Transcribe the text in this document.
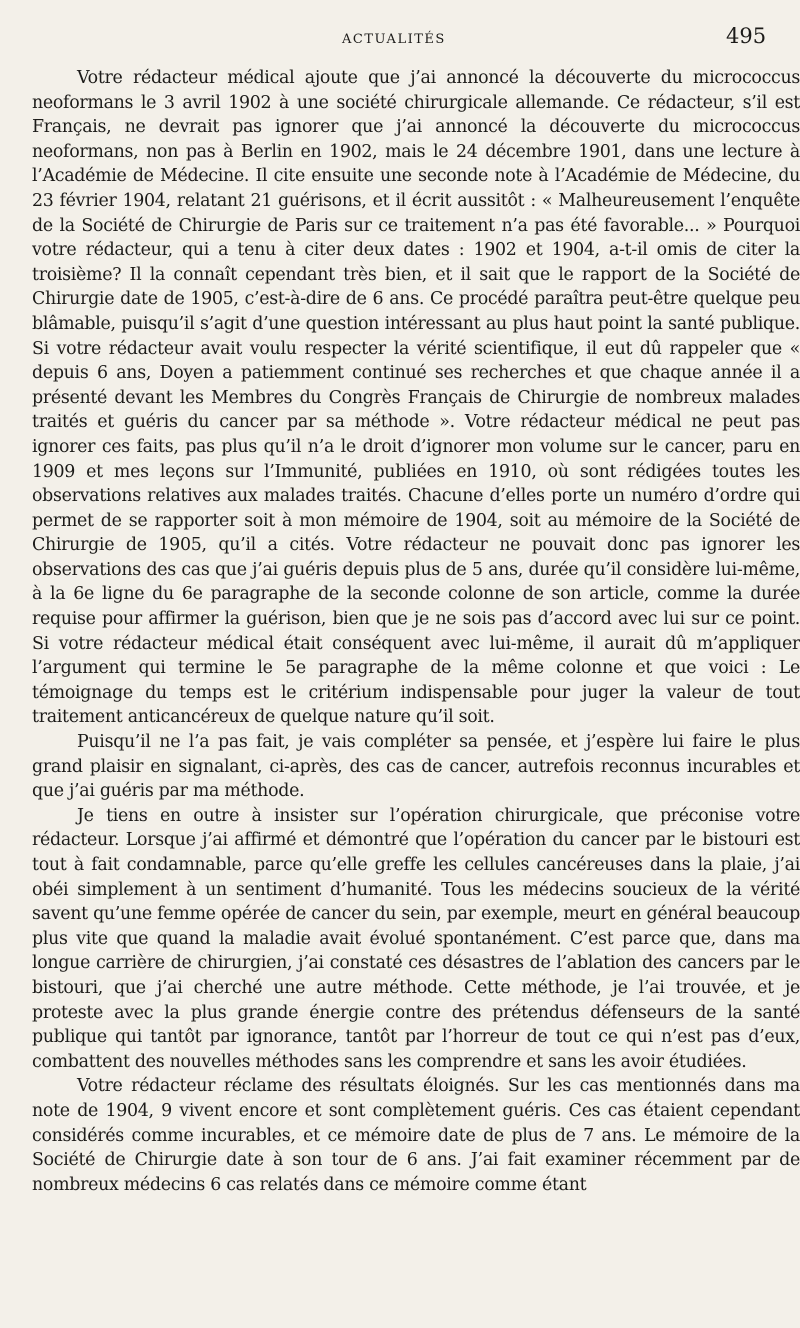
ACTUALITÉS	495

Votre rédacteur médical ajoute que j’ai annoncé la découverte du micrococcus neoformans le 3 avril 1902 à une société chirurgicale allemande. Ce rédacteur, s’il est Français, ne devrait pas ignorer que j’ai annoncé la découverte du micrococcus neoformans, non pas à Berlin en 1902, mais le 24 décembre 1901, dans une lecture à l’Académie de Médecine. Il cite ensuite une seconde note à l’Académie de Médecine, du 23 février 1904, relatant 21 guérisons, et il écrit aussitôt : « Malheureusement l’enquête de la Société de Chirurgie de Paris sur ce traitement n’a pas été favorable... » Pourquoi votre rédacteur, qui a tenu à citer deux dates : 1902 et 1904, a-t-il omis de citer la troisième? Il la connaît cependant très bien, et il sait que le rapport de la Société de Chirurgie date de 1905, c’est-à-dire de 6 ans. Ce procédé paraîtra peut-être quelque peu blâmable, puisqu’il s’agit d’une question intéressant au plus haut point la santé publique. Si votre rédacteur avait voulu respecter la vérité scientifique, il eut dû rappeler que « depuis 6 ans, Doyen a patiemment continué ses recherches et que chaque année il a présenté devant les Membres du Congrès Français de Chirurgie de nombreux malades traités et guéris du cancer par sa méthode ». Votre rédacteur médical ne peut pas ignorer ces faits, pas plus qu’il n’a le droit d’ignorer mon volume sur le cancer, paru en 1909 et mes leçons sur l’Immunité, publiées en 1910, où sont rédigées toutes les observations relatives aux malades traités. Chacune d’elles porte un numéro d’ordre qui permet de se rapporter soit à mon mémoire de 1904, soit au mémoire de la Société de Chirurgie de 1905, qu’il a cités. Votre rédacteur ne pouvait donc pas ignorer les observations des cas que j’ai guéris depuis plus de 5 ans, durée qu’il considère lui-même, à la 6e ligne du 6e paragraphe de la seconde colonne de son article, comme la durée requise pour affirmer la guérison, bien que je ne sois pas d’accord avec lui sur ce point. Si votre rédacteur médical était conséquent avec lui-même, il aurait dû m’appliquer l’argument qui termine le 5e paragraphe de la même colonne et que voici : Le témoignage du temps est le critérium indispensable pour juger la valeur de tout traitement anticancéreux de quelque nature qu’il soit.

Puisqu’il ne l’a pas fait, je vais compléter sa pensée, et j’espère lui faire le plus grand plaisir en signalant, ci-après, des cas de cancer, autrefois reconnus incurables et que j’ai guéris par ma méthode.

Je tiens en outre à insister sur l’opération chirurgicale, que préconise votre rédacteur. Lorsque j’ai affirmé et démontré que l’opération du cancer par le bistouri est tout à fait condamnable, parce qu’elle greffe les cellules cancéreuses dans la plaie, j’ai obéi simplement à un sentiment d’humanité. Tous les médecins soucieux de la vérité savent qu’une femme opérée de cancer du sein, par exemple, meurt en général beaucoup plus vite que quand la maladie avait évolué spontanément. C’est parce que, dans ma longue carrière de chirurgien, j’ai constaté ces désastres de l’ablation des cancers par le bistouri, que j’ai cherché une autre méthode. Cette méthode, je l’ai trouvée, et je proteste avec la plus grande énergie contre des prétendus défenseurs de la santé publique qui tantôt par ignorance, tantôt par l’horreur de tout ce qui n’est pas d’eux, combattent des nouvelles méthodes sans les comprendre et sans les avoir étudiées.

Votre rédacteur réclame des résultats éloignés. Sur les cas mentionnés dans ma note de 1904, 9 vivent encore et sont complètement guéris. Ces cas étaient cependant considérés comme incurables, et ce mémoire date de plus de 7 ans. Le mémoire de la Société de Chirurgie date à son tour de 6 ans. J’ai fait examiner récemment par de nombreux médecins 6 cas relatés dans ce mémoire comme étant
